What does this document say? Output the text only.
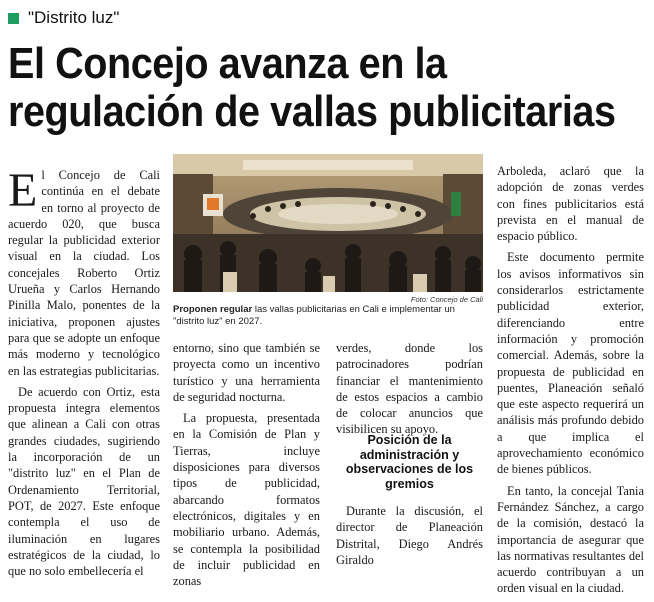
"Distrito luz"
El Concejo avanza en la regulación de vallas publicitarias

El Concejo de Cali continúa en el debate en torno al proyecto de acuerdo 020, que busca regular la publicidad exterior visual en la ciudad. Los concejales Roberto Ortiz Urueña y Carlos Hernando Pinilla Malo, ponentes de la iniciativa, proponen ajustes para que se adopte un enfoque más moderno y tecnológico en las estrategias publicitarias.

De acuerdo con Ortiz, esta propuesta integra elementos que alinean a Cali con otras grandes ciudades, sugiriendo la incorporación de un "distrito luz" en el Plan de Ordenamiento Territorial, POT, de 2027. Este enfoque contempla el uso de iluminación en lugares estratégicos de la ciudad, lo que no solo embellecería el

Foto: Concejo de Cali
Proponen regular las vallas publicitarias en Cali e implementar un "distrito luz" en 2027.

entorno, sino que también se proyecta como un incentivo turístico y una herramienta de seguridad nocturna.

La propuesta, presentada en la Comisión de Plan y Tierras, incluye disposiciones para diversos tipos de publicidad, abarcando formatos electrónicos, digitales y en mobiliario urbano. Además, se contempla la posibilidad de incluir publicidad en zonas

verdes, donde los patrocinadores podrían financiar el mantenimiento de estos espacios a cambio de colocar anuncios que visibilicen su apoyo.

Posición de la administración y observaciones de los gremios

Durante la discusión, el director de Planeación Distrital, Diego Andrés Giraldo

Arboleda, aclaró que la adopción de zonas verdes con fines publicitarios está prevista en el manual de espacio público.

Este documento permite los avisos informativos sin considerarlos estrictamente publicidad exterior, diferenciando entre información y promoción comercial. Además, sobre la propuesta de publicidad en puentes, Planeación señaló que este aspecto requerirá un análisis más profundo debido a que implica el aprovechamiento económico de bienes públicos.

En tanto, la concejal Tania Fernández Sánchez, a cargo de la comisión, destacó la importancia de asegurar que las normativas resultantes del acuerdo contribuyan a un orden visual en la ciudad.
